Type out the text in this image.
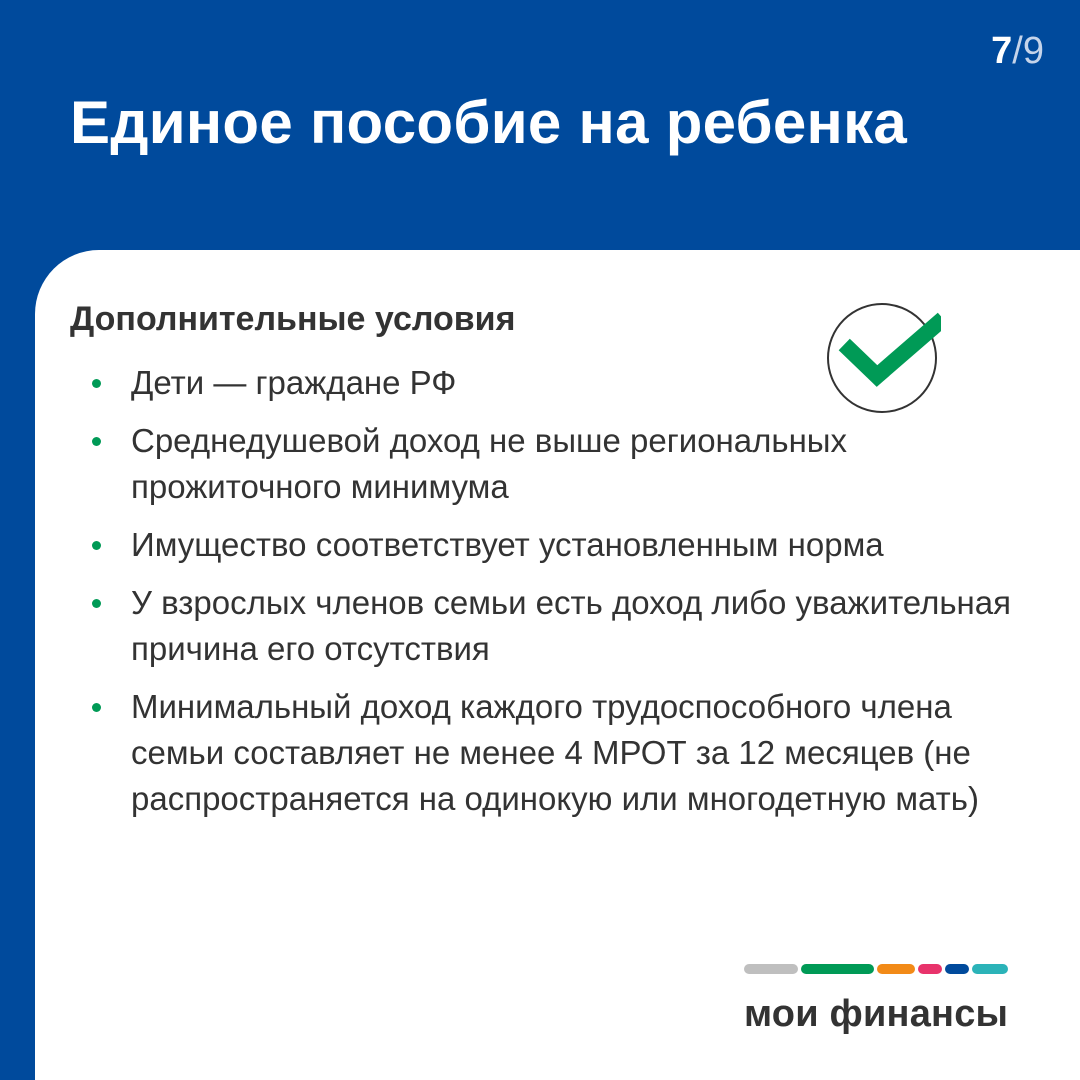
7/9
Единое пособие на ребенка
Дополнительные условия
Дети — граждане РФ
Среднедушевой доход не выше региональных прожиточного минимума
Имущество соответствует установленным норма
У взрослых членов семьи есть доход либо уважительная причина его отсутствия
Минимальный доход каждого трудоспособного члена семьи составляет не менее 4 МРОТ за 12 месяцев (не распространяется на одинокую или многодетную мать)
мои финансы
